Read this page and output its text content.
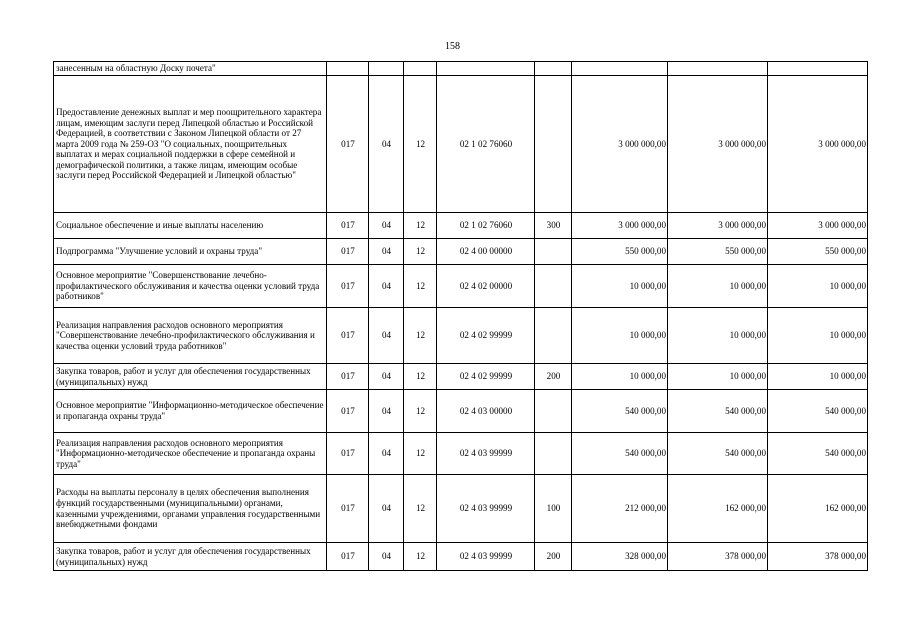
158
занесенным на областную Доску почета"								
Предоставление денежных выплат и мер поощрительного характера лицам, имеющим заслуги перед Липецкой областью и Российской Федерацией, в соответствии с Законом Липецкой области от 27 марта 2009 года № 259-ОЗ "О социальных, поощрительных выплатах и мерах социальной поддержки в сфере семейной и демографической политики, а также лицам, имеющим особые заслуги перед Российской Федерацией и Липецкой областью"	017	04	12	02 1 02 76060		3 000 000,00	3 000 000,00	3 000 000,00
Социальное обеспечение и иные выплаты населению	017	04	12	02 1 02 76060	300	3 000 000,00	3 000 000,00	3 000 000,00
Подпрограмма "Улучшение условий и охраны труда"	017	04	12	02 4 00 00000		550 000,00	550 000,00	550 000,00
Основное мероприятие "Совершенствование лечебно-профилактического обслуживания и качества оценки условий труда работников"	017	04	12	02 4 02 00000		10 000,00	10 000,00	10 000,00
Реализация направления расходов основного мероприятия "Совершенствование лечебно-профилактического обслуживания и качества оценки условий труда работников"	017	04	12	02 4 02 99999		10 000,00	10 000,00	10 000,00
Закупка товаров, работ и услуг для обеспечения государственных (муниципальных) нужд	017	04	12	02 4 02 99999	200	10 000,00	10 000,00	10 000,00
Основное мероприятие "Информационно-методическое обеспечение и пропаганда охраны труда"	017	04	12	02 4 03 00000		540 000,00	540 000,00	540 000,00
Реализация направления расходов основного мероприятия "Информационно-методическое обеспечение и пропаганда охраны труда"	017	04	12	02 4 03 99999		540 000,00	540 000,00	540 000,00
Расходы на выплаты персоналу в целях обеспечения выполнения функций государственными (муниципальными) органами, казенными учреждениями, органами управления государственными внебюджетными фондами	017	04	12	02 4 03 99999	100	212 000,00	162 000,00	162 000,00
Закупка товаров, работ и услуг для обеспечения государственных (муниципальных) нужд	017	04	12	02 4 03 99999	200	328 000,00	378 000,00	378 000,00
